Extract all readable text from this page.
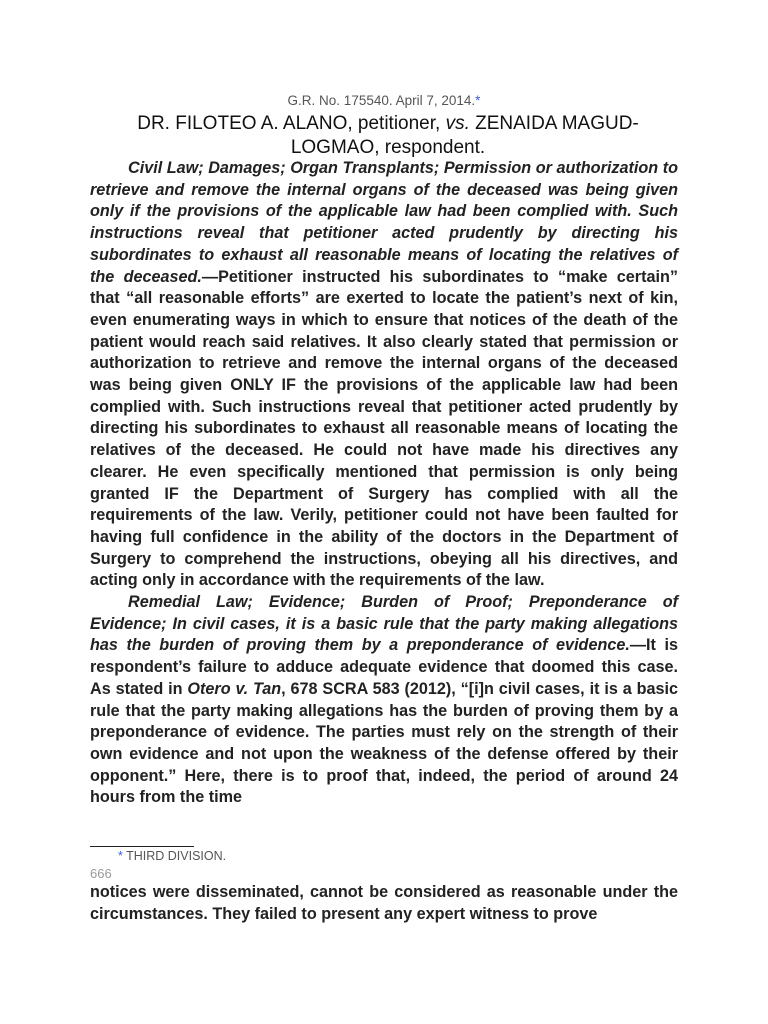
G.R. No. 175540. April 7, 2014.*
DR. FILOTEO A. ALANO, petitioner, vs. ZENAIDA MAGUD-LOGMAO, respondent.

Civil Law; Damages; Organ Transplants; Permission or authorization to retrieve and remove the internal organs of the deceased was being given only if the provisions of the applicable law had been complied with. Such instructions reveal that petitioner acted prudently by directing his subordinates to exhaust all reasonable means of locating the relatives of the deceased.—Petitioner instructed his subordinates to “make certain” that “all reasonable efforts” are exerted to locate the patient’s next of kin, even enumerating ways in which to ensure that notices of the death of the patient would reach said relatives. It also clearly stated that permission or authorization to retrieve and remove the internal organs of the deceased was being given ONLY IF the provisions of the applicable law had been complied with. Such instructions reveal that petitioner acted prudently by directing his subordinates to exhaust all reasonable means of locating the relatives of the deceased. He could not have made his directives any clearer. He even specifically mentioned that permission is only being granted IF the Department of Surgery has complied with all the requirements of the law. Verily, petitioner could not have been faulted for having full confidence in the ability of the doctors in the Department of Surgery to comprehend the instructions, obeying all his directives, and acting only in accordance with the requirements of the law.

Remedial Law; Evidence; Burden of Proof; Preponderance of Evidence; In civil cases, it is a basic rule that the party making allegations has the burden of proving them by a preponderance of evidence.—It is respondent’s failure to adduce adequate evidence that doomed this case. As stated in Otero v. Tan, 678 SCRA 583 (2012), “[i]n civil cases, it is a basic rule that the party making allegations has the burden of proving them by a preponderance of evidence. The parties must rely on the strength of their own evidence and not upon the weakness of the defense offered by their opponent.” Here, there is to proof that, indeed, the period of around 24 hours from the time

* THIRD DIVISION.
666

notices were disseminated, cannot be considered as reasonable under the circumstances. They failed to present any expert witness to prove
